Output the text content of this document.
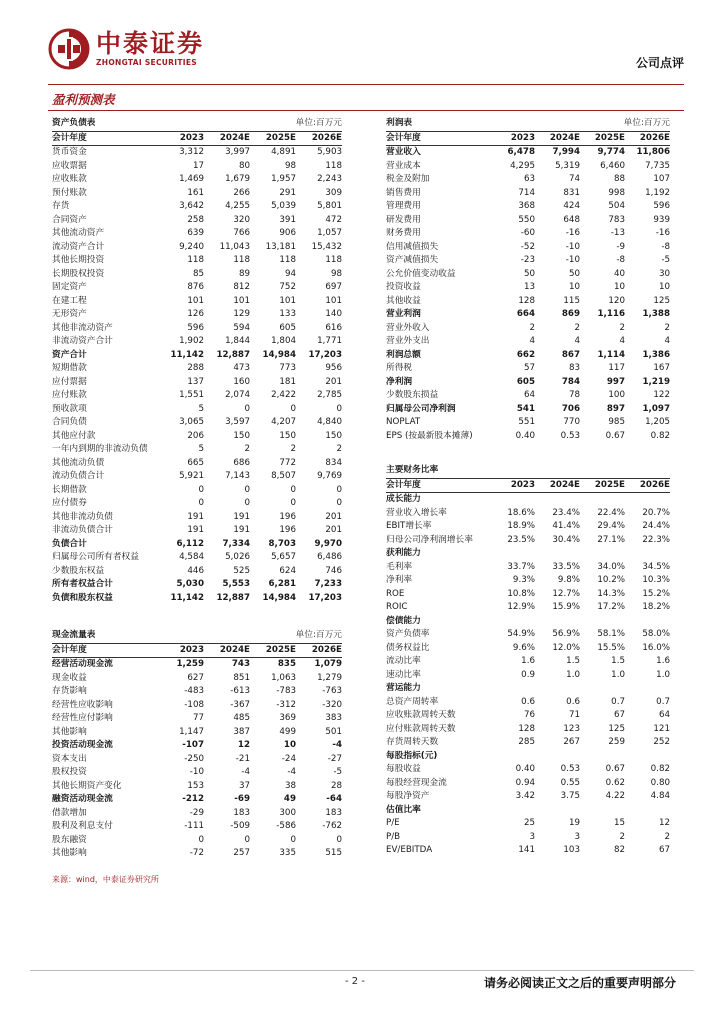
中泰证券
ZHONGTAI SECURITIES	公司点评
盈利预测表
资产负债表	单位:百万元
会计年度	2023	2024E	2025E	2026E
货币资金	3,312	3,997	4,891	5,903
应收票据	17	80	98	118
应收账款	1,469	1,679	1,957	2,243
预付账款	161	266	291	309
存货	3,642	4,255	5,039	5,801
合同资产	258	320	391	472
其他流动资产	639	766	906	1,057
流动资产合计	9,240	11,043	13,181	15,432
其他长期投资	118	118	118	118
长期股权投资	85	89	94	98
固定资产	876	812	752	697
在建工程	101	101	101	101
无形资产	126	129	133	140
其他非流动资产	596	594	605	616
非流动资产合计	1,902	1,844	1,804	1,771
资产合计	11,142	12,887	14,984	17,203
短期借款	288	473	773	956
应付票据	137	160	181	201
应付账款	1,551	2,074	2,422	2,785
预收款项	5	0	0	0
合同负债	3,065	3,597	4,207	4,840
其他应付款	206	150	150	150
一年内到期的非流动负债	5	2	2	2
其他流动负债	665	686	772	834
流动负债合计	5,921	7,143	8,507	9,769
长期借款	0	0	0	0
应付债券	0	0	0	0
其他非流动负债	191	191	196	201
非流动负债合计	191	191	196	201
负债合计	6,112	7,334	8,703	9,970
归属母公司所有者权益	4,584	5,026	5,657	6,486
少数股东权益	446	525	624	746
所有者权益合计	5,030	5,553	6,281	7,233
负债和股东权益	11,142	12,887	14,984	17,203
利润表	单位:百万元
会计年度	2023	2024E	2025E	2026E
营业收入	6,478	7,994	9,774	11,806
营业成本	4,295	5,319	6,460	7,735
税金及附加	63	74	88	107
销售费用	714	831	998	1,192
管理费用	368	424	504	596
研发费用	550	648	783	939
财务费用	-60	-16	-13	-16
信用减值损失	-52	-10	-9	-8
资产减值损失	-23	-10	-8	-5
公允价值变动收益	50	50	40	30
投资收益	13	10	10	10
其他收益	128	115	120	125
营业利润	664	869	1,116	1,388
营业外收入	2	2	2	2
营业外支出	4	4	4	4
利润总额	662	867	1,114	1,386
所得税	57	83	117	167
净利润	605	784	997	1,219
少数股东损益	64	78	100	122
归属母公司净利润	541	706	897	1,097
NOPLAT	551	770	985	1,205
EPS (按最新股本摊薄)	0.40	0.53	0.67	0.82
主要财务比率
会计年度	2023	2024E	2025E	2026E
成长能力
营业收入增长率	18.6%	23.4%	22.4%	20.7%
EBIT增长率	18.9%	41.4%	29.4%	24.4%
归母公司净利润增长率	23.5%	30.4%	27.1%	22.3%
获利能力
毛利率	33.7%	33.5%	34.0%	34.5%
净利率	9.3%	9.8%	10.2%	10.3%
ROE	10.8%	12.7%	14.3%	15.2%
ROIC	12.9%	15.9%	17.2%	18.2%
偿债能力
资产负债率	54.9%	56.9%	58.1%	58.0%
债务权益比	9.6%	12.0%	15.5%	16.0%
流动比率	1.6	1.5	1.5	1.6
速动比率	0.9	1.0	1.0	1.0
营运能力
总资产周转率	0.6	0.6	0.7	0.7
应收账款周转天数	76	71	67	64
应付账款周转天数	128	123	125	121
存货周转天数	285	267	259	252
每股指标(元)
每股收益	0.40	0.53	0.67	0.82
每股经营现金流	0.94	0.55	0.62	0.80
每股净资产	3.42	3.75	4.22	4.84
估值比率
P/E	25	19	15	12
P/B	3	3	2	2
EV/EBITDA	141	103	82	67
现金流量表	单位:百万元
会计年度	2023	2024E	2025E	2026E
经营活动现金流	1,259	743	835	1,079
现金收益	627	851	1,063	1,279
存货影响	-483	-613	-783	-763
经营性应收影响	-108	-367	-312	-320
经营性应付影响	77	485	369	383
其他影响	1,147	387	499	501
投资活动现金流	-107	12	10	-4
资本支出	-250	-21	-24	-27
股权投资	-10	-4	-4	-5
其他长期资产变化	153	37	38	28
融资活动现金流	-212	-69	49	-64
借款增加	-29	183	300	183
股利及利息支付	-111	-509	-586	-762
股东融资	0	0	0	0
其他影响	-72	257	335	515
来源：wind，中泰证券研究所
- 2 -	请务必阅读正文之后的重要声明部分
